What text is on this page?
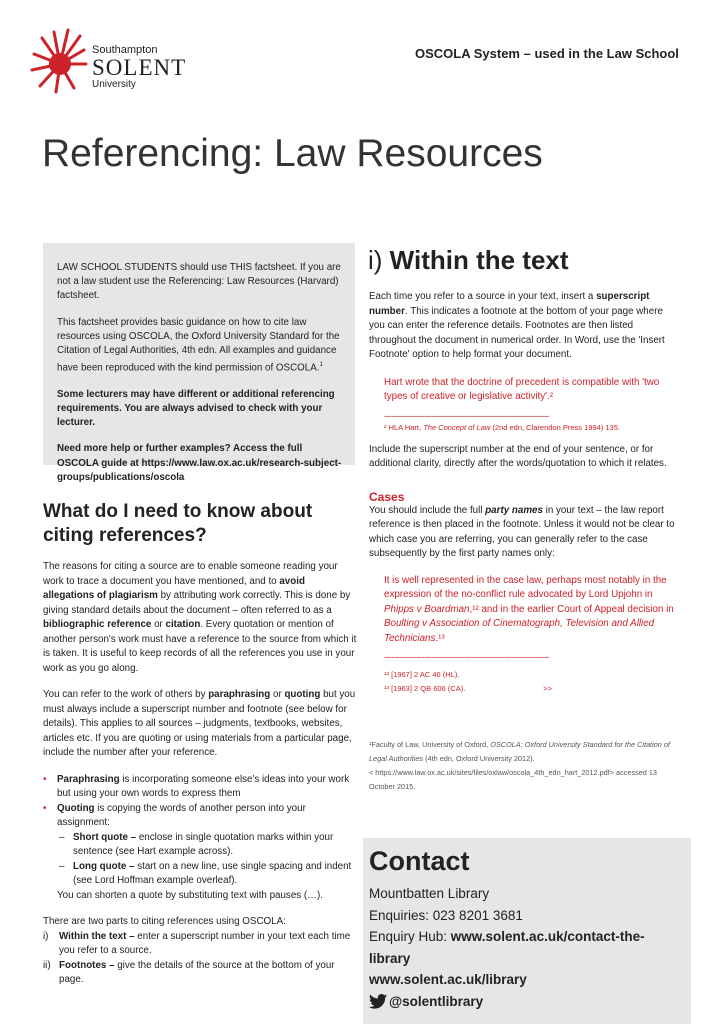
Southampton
SOLENT
University
OSCOLA System – used in the Law School
Referencing: Law Resources

LAW SCHOOL STUDENTS should use THIS factsheet. If you are not a law student use the Referencing: Law Resources (Harvard) factsheet.

This factsheet provides basic guidance on how to cite law resources using OSCOLA, the Oxford University Standard for the Citation of Legal Authorities, 4th edn. All examples and guidance have been reproduced with the kind permission of OSCOLA.$^1$

Some lecturers may have different or additional referencing requirements. You are always advised to check with your lecturer.

Need more help or further examples? Access the full OSCOLA guide at https://www.law.ox.ac.uk/research-subject-groups/publications/oscola

What do I need to know about citing references?

The reasons for citing a source are to enable someone reading your work to trace a document you have mentioned, and to avoid allegations of plagiarism by attributing work correctly. This is done by giving standard details about the document – often referred to as a bibliographic reference or citation. Every quotation or mention of another person's work must have a reference to the source from which it is taken. It is useful to keep records of all the references you use in your work as you go along.

You can refer to the work of others by paraphrasing or quoting but you must always include a superscript number and footnote (see below for details). This applies to all sources – judgments, textbooks, websites, articles etc. If you are quoting or using materials from a particular page, include the number after your reference.

• Paraphrasing is incorporating someone else's ideas into your work but using your own words to express them
• Quoting is copying the words of another person into your assignment:
– Short quote – enclose in single quotation marks within your sentence (see Hart example across).
– Long quote – start on a new line, use single spacing and indent (see Lord Hoffman example overleaf).
You can shorten a quote by substituting text with pauses (…).

There are two parts to citing references using OSCOLA:

i) Within the text – enter a superscript number in your text each time you refer to a source.
ii) Footnotes – give the details of the source at the bottom of your page.
i) Within the text

Each time you refer to a source in your text, insert a superscript number. This indicates a footnote at the bottom of your page where you can enter the reference details. Footnotes are then listed throughout the document in numerical order. In Word, use the 'Insert Footnote' option to help format your document.

Hart wrote that the doctrine of precedent is compatible with 'two types of creative or legislative activity'.²

------------------------------------------------------------------
² HLA Hart, The Concept of Law (2nd edn, Clarendon Press 1994) 135.

Include the superscript number at the end of your sentence, or for additional clarity, directly after the words/quotation to which it relates.

Cases

You should include the full party names in your text – the law report reference is then placed in the footnote. Unless it would not be clear to which case you are referring, you can generally refer to the case subsequently by the first party names only:

It is well represented in the case law, perhaps most notably in the expression of the no-conflict rule advocated by Lord Upjohn in Phipps v Boardman,¹² and in the earlier Court of Appeal decision in Boulting v Association of Cinematograph, Television and Allied Technicians.¹³

------------------------------------------------------------------
¹² [1967] 2 AC 46 (HL).
¹³ [1963] 2 QB 606 (CA).	>>
¹Faculty of Law, University of Oxford, OSCOLA: Oxford University Standard for the Citation of Legal Authorities (4th edn, Oxford University 2012).
< https://www.law.ox.ac.uk/sites/files/oxlaw/oscola_4th_edn_hart_2012.pdf> accessed 13 October 2015.
Contact
Mountbatten Library
Enquiries: 023 8201 3681
Enquiry Hub: www.solent.ac.uk/contact-the-library
www.solent.ac.uk/library
@solentlibrary
